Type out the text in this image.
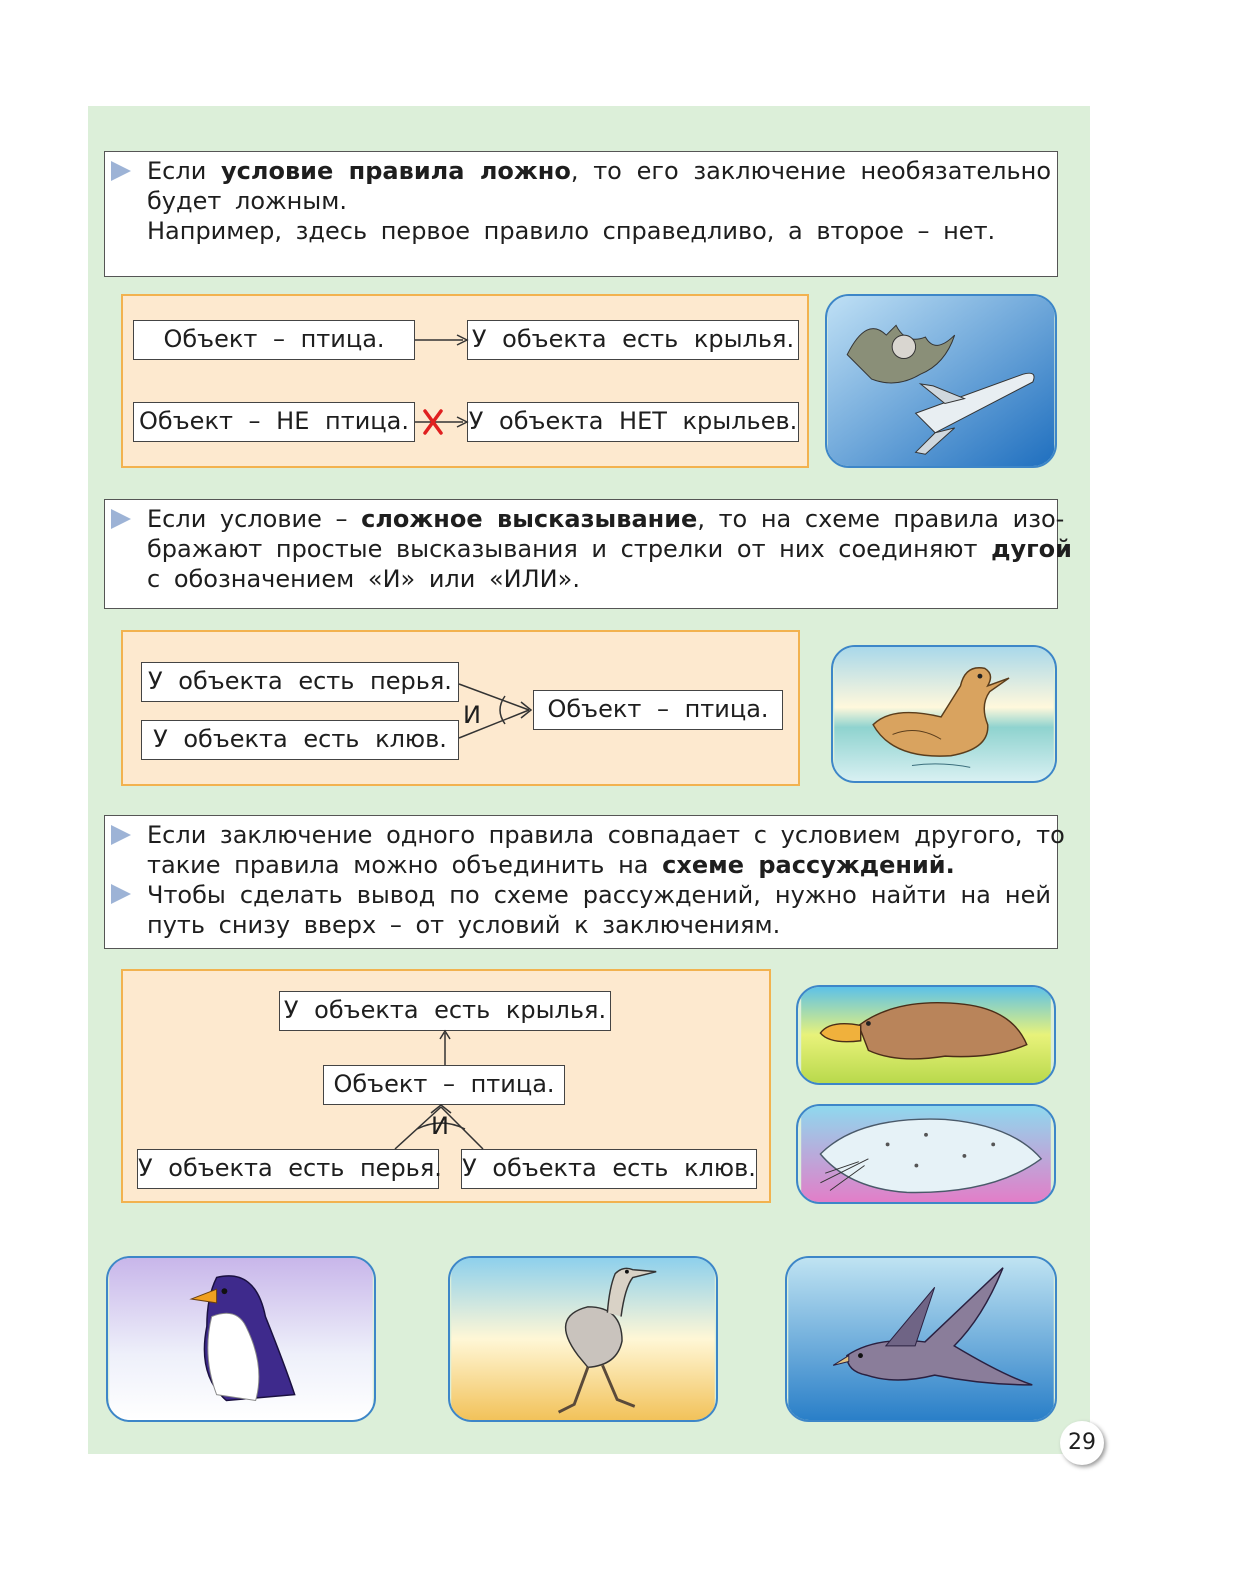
Если условие правила ложно, то его заключение необязательно
будет ложным.
Например, здесь первое правило справедливо, а второе – нет.
Объект – птица.	У объекта есть крылья.
Объект – НЕ птица. У объекта НЕТ крыльев.
Если условие – сложное высказывание, то на схеме правила изо-
бражают простые высказывания и стрелки от них соединяют дугой
с обозначением «И» или «ИЛИ».
У объекта есть перья.
У объекта есть клюв.
Объект – птица.
И
Если заключение одного правила совпадает с условием другого, то
такие правила можно объединить на схеме рассуждений.
Чтобы сделать вывод по схеме рассуждений, нужно найти на ней
путь снизу вверх – от условий к заключениям.
У объекта есть крылья.
Объект – птица.
У объекта есть перья. У объекта есть клюв.
И
29
